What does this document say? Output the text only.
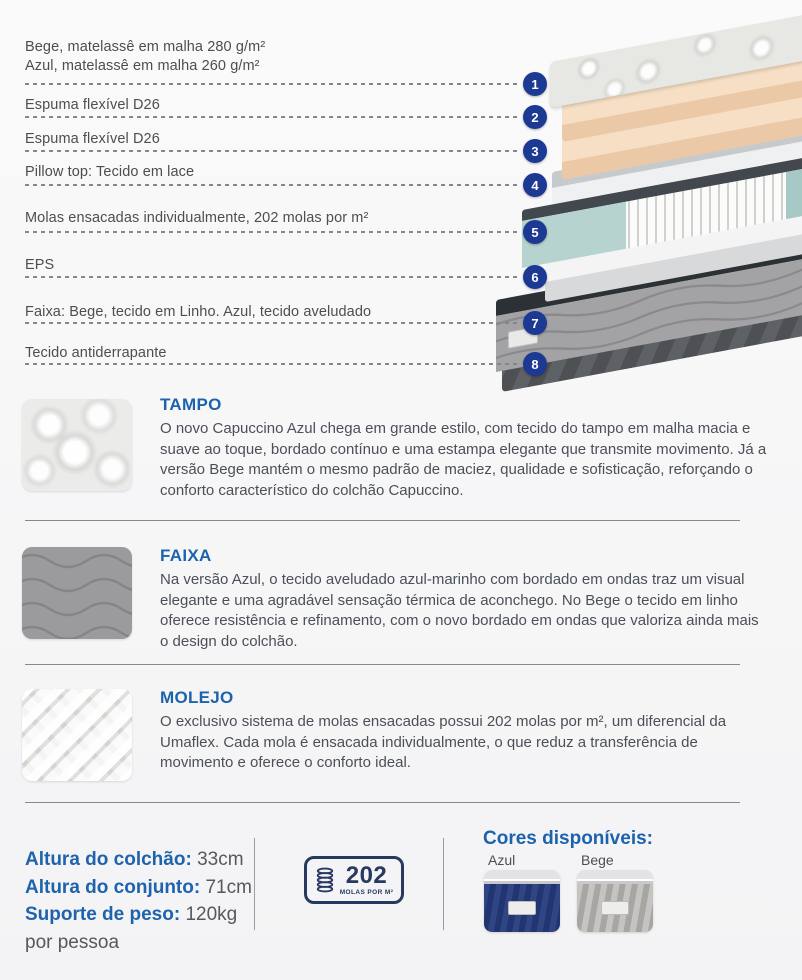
Bege, matelassê em malha 280 g/m²
Azul, matelassê em malha 260 g/m²
1
Espuma flexível D26
2
Espuma flexível D26
3
Pillow top: Tecido em lace
4
Molas ensacadas individualmente, 202 molas por m²
5
EPS
6
Faixa: Bege, tecido em Linho. Azul, tecido aveludado
7
Tecido antiderrapante
8
TAMPO
O novo Capuccino Azul chega em grande estilo, com tecido do tampo em malha macia e suave ao toque, bordado contínuo e uma estampa elegante que transmite movimento. Já a versão Bege mantém o mesmo padrão de maciez, qualidade e sofisticação, reforçando o conforto característico do colchão Capuccino.
FAIXA
Na versão Azul, o tecido aveludado azul-marinho com bordado em ondas traz um visual elegante e uma agradável sensação térmica de aconchego. No Bege o tecido em linho oferece resistência e refinamento, com o novo bordado em ondas que valoriza ainda mais o design do colchão.
MOLEJO
O exclusivo sistema de molas ensacadas possui 202 molas por m², um diferencial da Umaflex. Cada mola é ensacada individualmente, o que reduz a transferência de movimento e oferece o conforto ideal.
Altura do colchão: 33cm
Altura do conjunto: 71cm
Suporte de peso: 120kg
por pessoa
202
MOLAS POR M²
Cores disponíveis:
Azul	Bege
